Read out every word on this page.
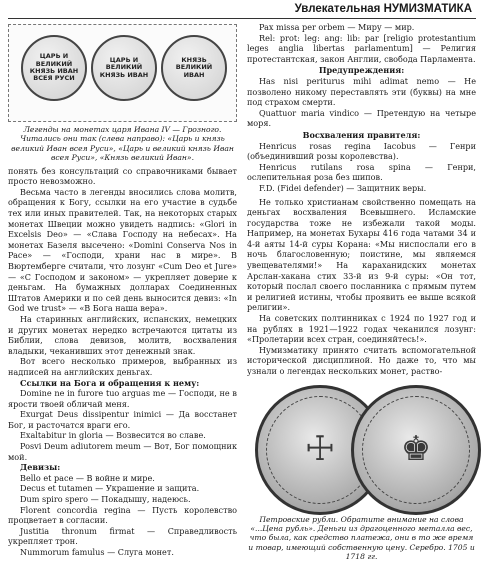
Увлекательная НУМИЗМАТИКА
ЦАРЬ И ВЕЛИКИЙ КНЯЗЬ ИВАН ВСЕЯ РУСИ
ЦАРЬ И ВЕЛИКИЙ КНЯЗЬ ИВАН
КНЯЗЬ ВЕЛИКИЙ ИВАН

Легенды на монетах царя Ивана IV — Грозного. Читались они так (слева направо): «Царь и князь великий Иван всея Руси», «Царь и великий князь Иван всея Руси», «Князь великий Иван».

понять без консультаций со справочниками бывает просто невозможно.

Весьма часто в легенды вносились слова молитв, обращения к Богу, ссылки на его участие в судьбе тех или иных правителей. Так, на некоторых старых монетах Швеции можно увидеть надпись: «Glori in Excelsis Deo» — «Слава Господу на небесах». На монетах Базеля высечено: «Domini Conserva Nos in Pace» — «Господи, храни нас в мире». В Вюртемберге считали, что лозунг «Cum Deo et Jure» — «С Господом и законом» — укрепляет доверие к деньгам. На бумажных долларах Соединенных Штатов Америки и по сей день выносится девиз: «In God we trust» — «В Бога наша вера».

На старинных английских, испанских, немецких и других монетах нередко встречаются цитаты из Библии, слова девизов, молитв, восхваления владыки, чеканивших этот денежный знак.

Вот всего несколько примеров, выбранных из надписей на английских деньгах.

Ссылки на Бога и обращения к нему:

Domine ne in furore tuo arguas me — Господи, не в ярости твоей обличай меня.

Exurgat Deus dissipentur inimici — Да восстанет Бог, и расточатся враги его.

Exaltabitur in gloria — Возвесится во славе.

Posvi Deum adiutorem meum — Вот, Бог помощник мой.

Девизы:

Bello et pace — В войне и мире.

Decus et tutamen — Украшение и защита.

Dum spiro spero — Покадышу, надеюсь.

Florent concordia regina — Пусть королевство процветает в согласии.

Justitia thronum firmat — Справедливость укрепляет трон.

Nummorum famulus — Слуга монет.

Pax missa per orbem — Миру — мир.

Rel: prot: leg: ang: lib: par [religio protestantium leges anglia libertas parlamentum] — Религия протестантская, закон Англии, свобода Парламента.

Предупреждения:

Has nisi periturus mihi adimat nemo — Не позволено никому переставлять эти (буквы) на мне под страхом смерти.

Quattuor maria vindico — Претендую на четыре моря.

Восхваления правителя:

Henricus rosas regina Iacobus — Генри (объединивший розы королевства).

Henricus rutilans rosa spina — Генри, ослепительная роза без шипов.

F.D. (Fidei defender) — Защитник веры.

Не только христианам свойственно помещать на деньгах восхваления Всевышнего. Исламские государства тоже не избежали такой моды. Например, на монетах Бухары 416 года чатами 34 и 4-й аяты 14-й суры Корана: «Мы ниспослали его в ночь благословенную; поистине, мы являемся увещевателями!» На караханидских монетах Арслан-хакана стих 33-й из 9-й суры: «Он тот, который послал своего посланника с прямым путем и религией истины, чтобы проявить ее выше всякой религии».

На советских полтинниках с 1924 по 1927 год и на рублях в 1921—1922 годах чеканился лозунг: «Пролетарии всех стран, соединяйтесь!».

Нумизматику принято считать вспомогательной исторической дисциплиной. Но даже то, что мы узнали о легендах нескольких монет, раство-

☩ ♚

Петровские рубли. Обратите внимание на слова «...Цена рубль». Деньги из драгоценного металла вес, что была, как средство платежа, они в то же время и товар, имеющий собственную цену. Серебро. 1705 и 1718 гг.
